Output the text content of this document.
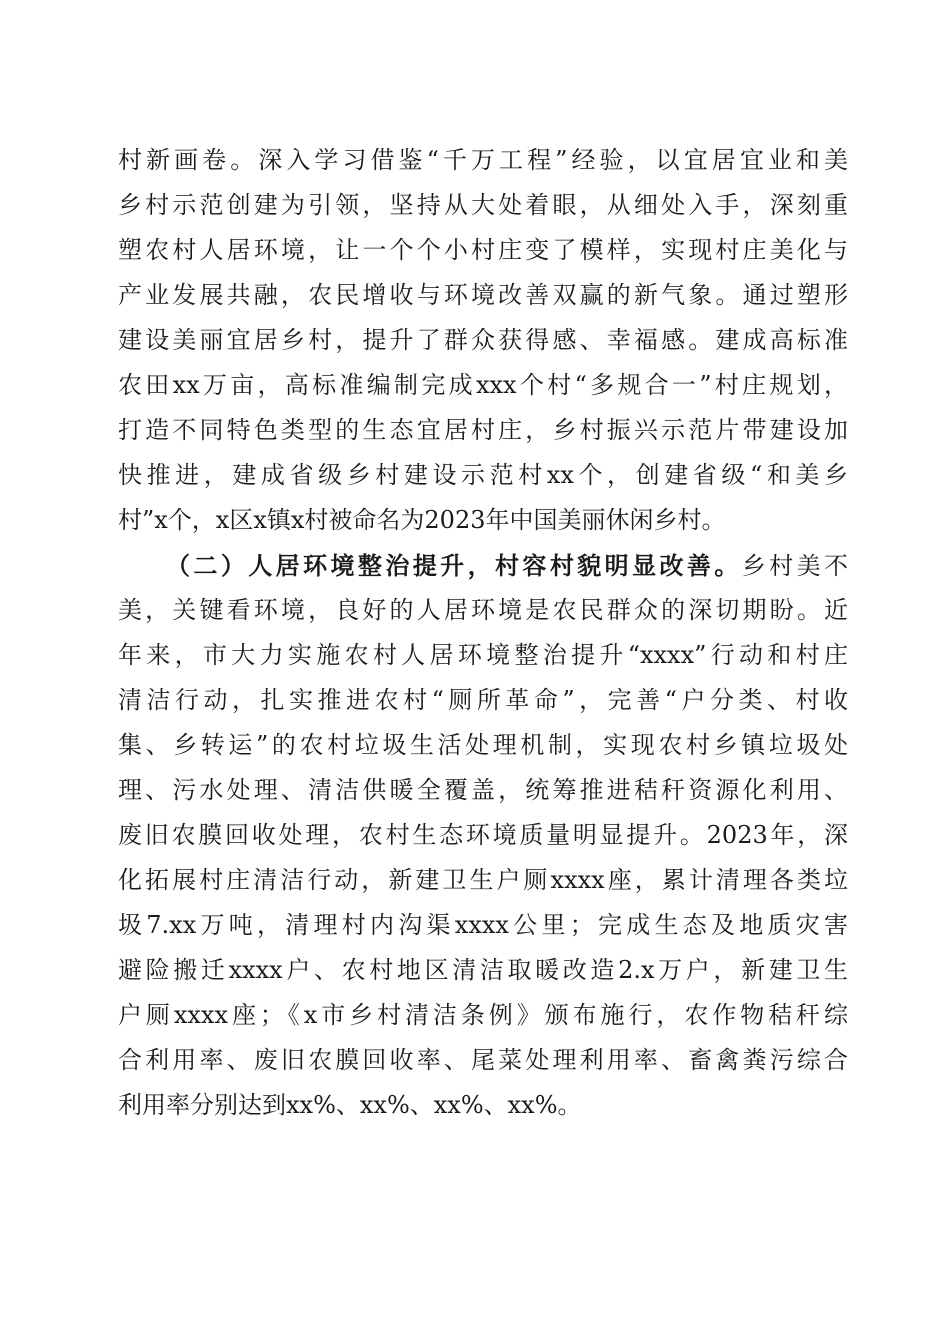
村新画卷。深入学习借鉴“千万工程”经验，以宜居宜业和美
乡村示范创建为引领，坚持从大处着眼，从细处入手，深刻重
塑农村人居环境，让一个个小村庄变了模样，实现村庄美化与
产业发展共融，农民增收与环境改善双赢的新气象。通过塑形
建设美丽宜居乡村，提升了群众获得感、幸福感。建成高标准
农田xx万亩，高标准编制完成xxx个村“多规合一”村庄规划，
打造不同特色类型的生态宜居村庄，乡村振兴示范片带建设加
快推进，建成省级乡村建设示范村xx个，创建省级“和美乡
村”x个，x区x镇x村被命名为2023年中国美丽休闲乡村。
（二）人居环境整治提升，村容村貌明显改善。乡村美不
美，关键看环境，良好的人居环境是农民群众的深切期盼。近
年来，市大力实施农村人居环境整治提升“xxxx”行动和村庄
清洁行动，扎实推进农村“厕所革命”，完善“户分类、村收
集、乡转运”的农村垃圾生活处理机制，实现农村乡镇垃圾处
理、污水处理、清洁供暖全覆盖，统筹推进秸秆资源化利用、
废旧农膜回收处理，农村生态环境质量明显提升。2023年，深
化拓展村庄清洁行动，新建卫生户厕xxxx座，累计清理各类垃
圾7.xx万吨，清理村内沟渠xxxx公里；完成生态及地质灾害
避险搬迁xxxx户、农村地区清洁取暖改造2.x万户，新建卫生
户厕xxxx座；《x市乡村清洁条例》颁布施行，农作物秸秆综
合利用率、废旧农膜回收率、尾菜处理利用率、畜禽粪污综合
利用率分别达到xx%、xx%、xx%、xx%。
